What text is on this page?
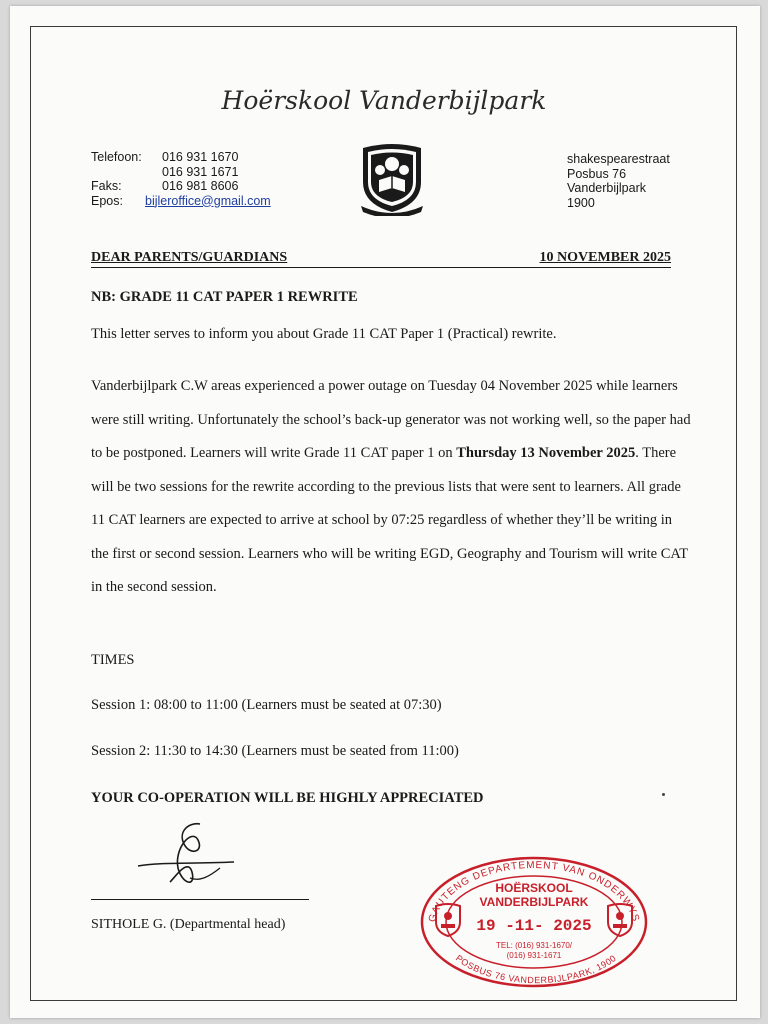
Hoërskool Vanderbijlpark
Telefoon:	016 931 1670
016 931 1671
Faks:	016 981 8606
Epos:	bijleroffice@gmail.com
shakespearestraat
Posbus 76
Vanderbijlpark
1900
DEAR PARENTS/GUARDIANS	10 NOVEMBER 2025
NB: GRADE 11 CAT PAPER 1 REWRITE
This letter serves to inform you about Grade 11 CAT Paper 1 (Practical) rewrite.
Vanderbijlpark C.W areas experienced a power outage on Tuesday 04 November 2025 while learners were still writing. Unfortunately the school’s back-up generator was not working well, so the paper had to be postponed. Learners will write Grade 11 CAT paper 1 on Thursday 13 November 2025. There will be two sessions for the rewrite according to the previous lists that were sent to learners. All grade 11 CAT learners are expected to arrive at school by 07:25 regardless of whether they’ll be writing in the first or second session. Learners who will be writing EGD, Geography and Tourism will write CAT in the second session.
TIMES
Session 1: 08:00 to 11:00 (Learners must be seated at 07:30)
Session 2: 11:30 to 14:30 (Learners must be seated from 11:00)
YOUR CO-OPERATION WILL BE HIGHLY APPRECIATED
SITHOLE G. (Departmental head)	GAUTENG DEPARTEMENT VAN ONDERWYS
POSBUS 76 VANDERBIJLPARK, 1900
HOËRSKOOL
VANDERBIJLPARK
19 -11- 2025
TEL: (016) 931-1670/
(016) 931-1671
